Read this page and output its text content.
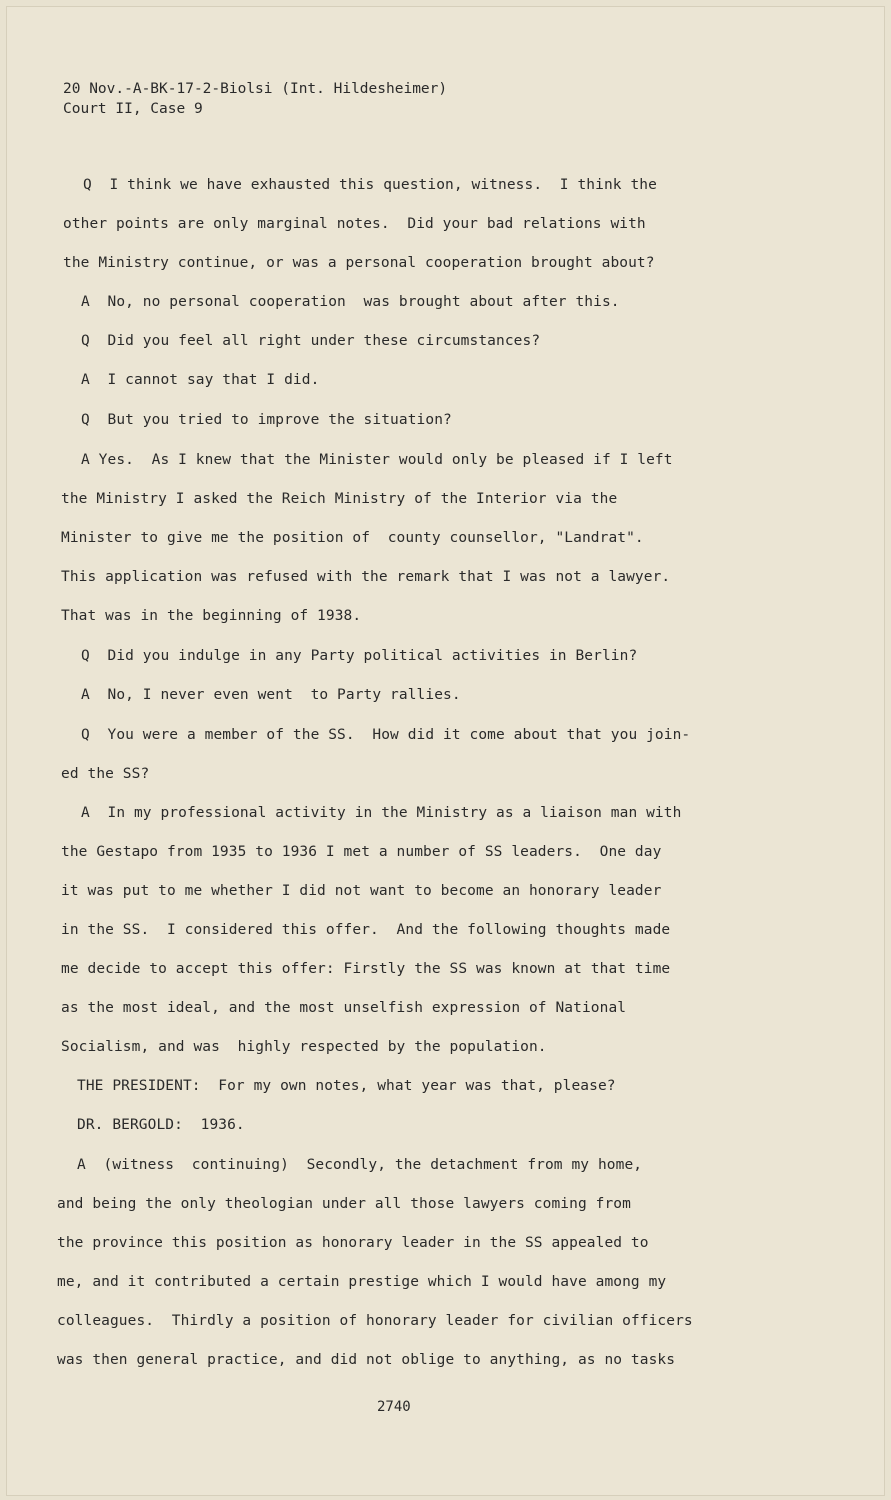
20 Nov.-A-BK-17-2-Biolsi (Int. Hildesheimer)
Court II, Case 9
Q  I think we have exhausted this question, witness.  I think the
other points are only marginal notes.  Did your bad relations with
the Ministry continue, or was a personal cooperation brought about?
A  No, no personal cooperation  was brought about after this.
Q  Did you feel all right under these circumstances?
A  I cannot say that I did.
Q  But you tried to improve the situation?
A Yes.  As I knew that the Minister would only be pleased if I left
the Ministry I asked the Reich Ministry of the Interior via the
Minister to give me the position of  county counsellor, "Landrat".
This application was refused with the remark that I was not a lawyer.
That was in the beginning of 1938.
Q  Did you indulge in any Party political activities in Berlin?
A  No, I never even went  to Party rallies.
Q  You were a member of the SS.  How did it come about that you join-
ed the SS?
A  In my professional activity in the Ministry as a liaison man with
the Gestapo from 1935 to 1936 I met a number of SS leaders.  One day
it was put to me whether I did not want to become an honorary leader
in the SS.  I considered this offer.  And the following thoughts made
me decide to accept this offer: Firstly the SS was known at that time
as the most ideal, and the most unselfish expression of National
Socialism, and was  highly respected by the population.
THE PRESIDENT:  For my own notes, what year was that, please?
DR. BERGOLD:  1936.
A  (witness  continuing)  Secondly, the detachment from my home,
and being the only theologian under all those lawyers coming from
the province this position as honorary leader in the SS appealed to
me, and it contributed a certain prestige which I would have among my
colleagues.  Thirdly a position of honorary leader for civilian officers
was then general practice, and did not oblige to anything, as no tasks
2740
